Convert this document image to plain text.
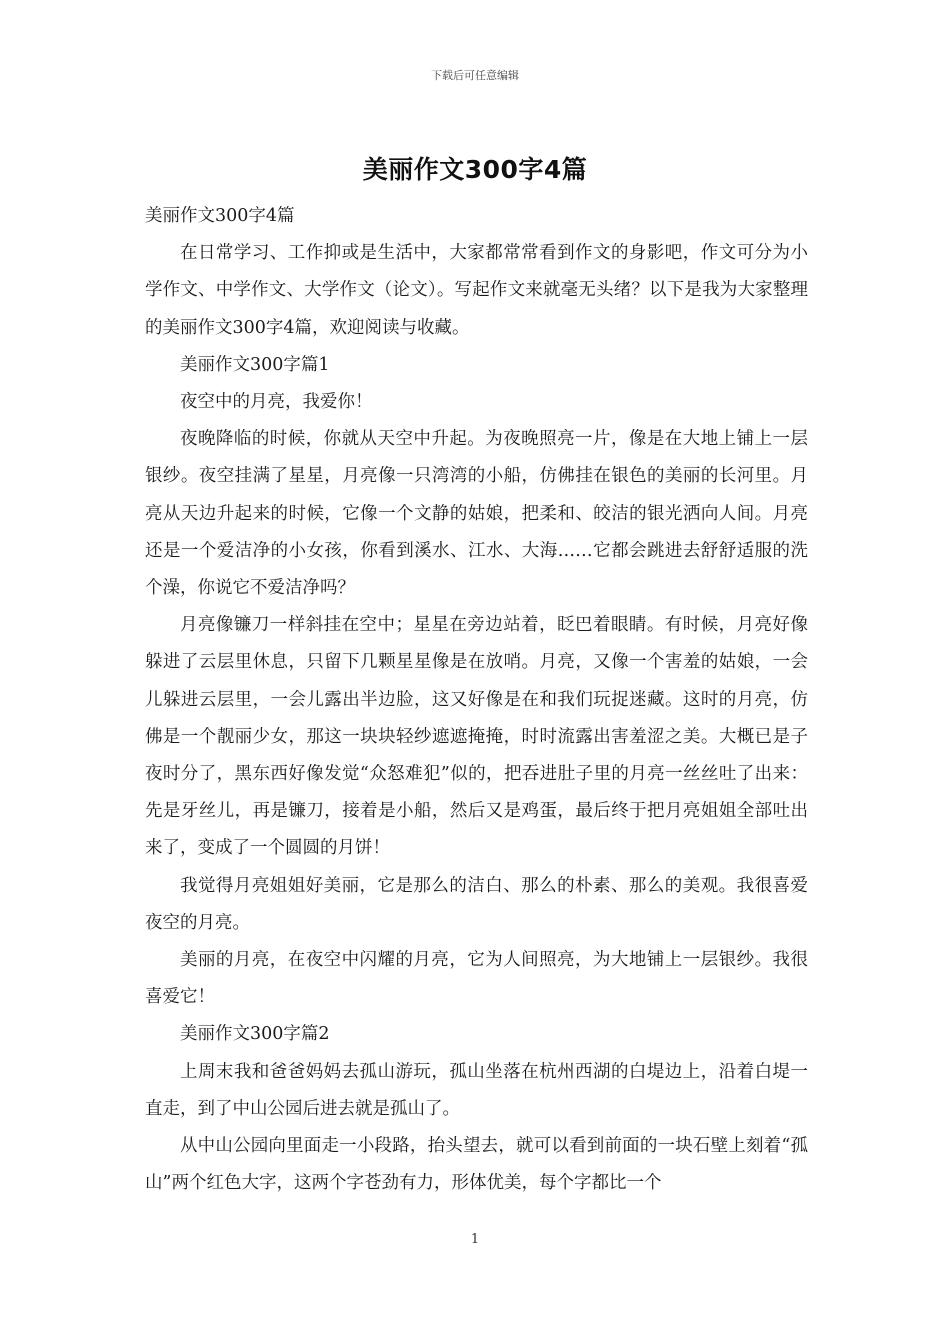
下载后可任意编辑
美丽作文300字4篇

美丽作文300字4篇

在日常学习、工作抑或是生活中，大家都常常看到作文的身影吧，作文可分为小学作文、中学作文、大学作文（论文）。写起作文来就毫无头绪？以下是我为大家整理的美丽作文300字4篇，欢迎阅读与收藏。

美丽作文300字篇1

夜空中的月亮，我爱你！

夜晚降临的时候，你就从天空中升起。为夜晚照亮一片，像是在大地上铺上一层银纱。夜空挂满了星星，月亮像一只湾湾的小船，仿佛挂在银色的美丽的长河里。月亮从天边升起来的时候，它像一个文静的姑娘，把柔和、皎洁的银光洒向人间。月亮还是一个爱洁净的小女孩，你看到溪水、江水、大海……它都会跳进去舒舒适服的洗个澡，你说它不爱洁净吗？

月亮像镰刀一样斜挂在空中；星星在旁边站着，眨巴着眼睛。有时候，月亮好像躲进了云层里休息，只留下几颗星星像是在放哨。月亮，又像一个害羞的姑娘，一会儿躲进云层里，一会儿露出半边脸，这又好像是在和我们玩捉迷藏。这时的月亮，仿佛是一个靓丽少女，那这一块块轻纱遮遮掩掩，时时流露出害羞涩之美。大概已是子夜时分了，黑东西好像发觉“众怒难犯”似的，把吞进肚子里的月亮一丝丝吐了出来：先是牙丝儿，再是镰刀，接着是小船，然后又是鸡蛋，最后终于把月亮姐姐全部吐出来了，变成了一个圆圆的月饼！

我觉得月亮姐姐好美丽，它是那么的洁白、那么的朴素、那么的美观。我很喜爱夜空的月亮。

美丽的月亮，在夜空中闪耀的月亮，它为人间照亮，为大地铺上一层银纱。我很喜爱它！

美丽作文300字篇2

上周末我和爸爸妈妈去孤山游玩，孤山坐落在杭州西湖的白堤边上，沿着白堤一直走，到了中山公园后进去就是孤山了。

从中山公园向里面走一小段路，抬头望去，就可以看到前面的一块石壁上刻着“孤山”两个红色大字，这两个字苍劲有力，形体优美，每个字都比一个

1
